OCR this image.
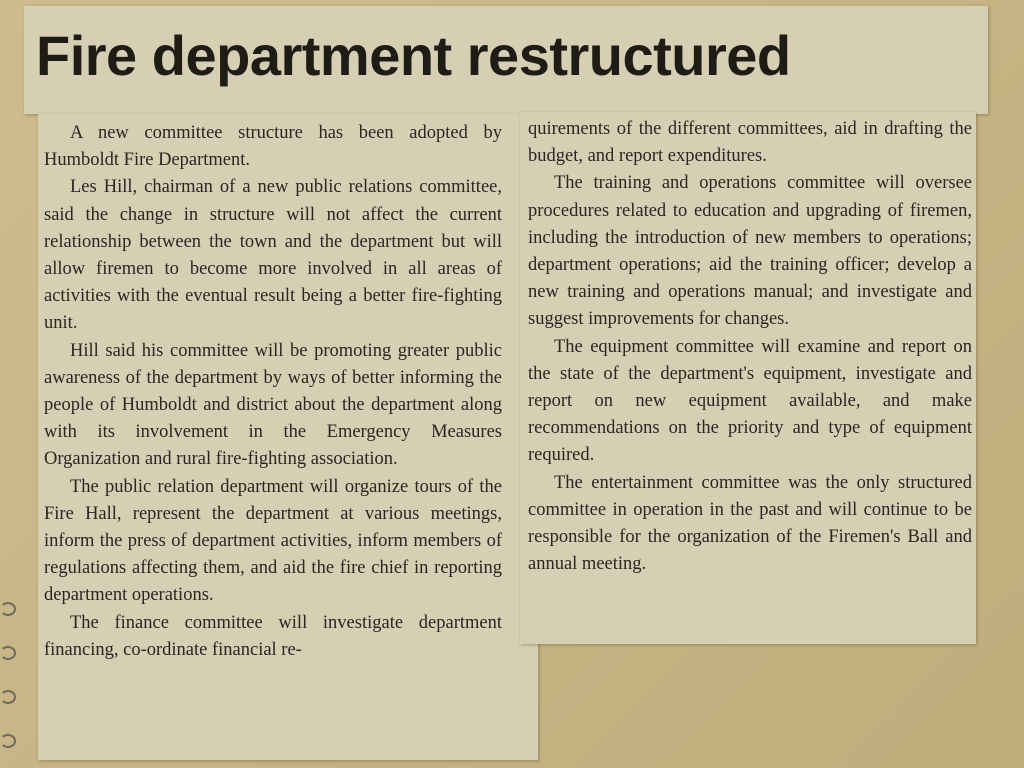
Fire department restructured

A new committee structure has been adopted by Humboldt Fire Department.

Les Hill, chairman of a new public relations committee, said the change in structure will not affect the current relationship between the town and the department but will allow firemen to become more involved in all areas of activities with the eventual result being a better fire-fighting unit.

Hill said his committee will be promoting greater public awareness of the department by ways of better informing the people of Humboldt and district about the department along with its involvement in the Emergency Measures Organization and rural fire-fighting association.

The public relation department will organize tours of the Fire Hall, represent the department at various meetings, inform the press of department activities, inform members of regulations affecting them, and aid the fire chief in reporting department operations.

The finance committee will investigate department financing, co-ordinate financial re-

quirements of the different committees, aid in drafting the budget, and report expenditures.

The training and operations committee will oversee procedures related to education and upgrading of firemen, including the introduction of new members to operations; department operations; aid the training officer; develop a new training and operations manual; and investigate and suggest improvements for changes.

The equipment committee will examine and report on the state of the department's equipment, investigate and report on new equipment available, and make recommendations on the priority and type of equipment required.

The entertainment committee was the only structured committee in operation in the past and will continue to be responsible for the organization of the Firemen's Ball and annual meeting.
